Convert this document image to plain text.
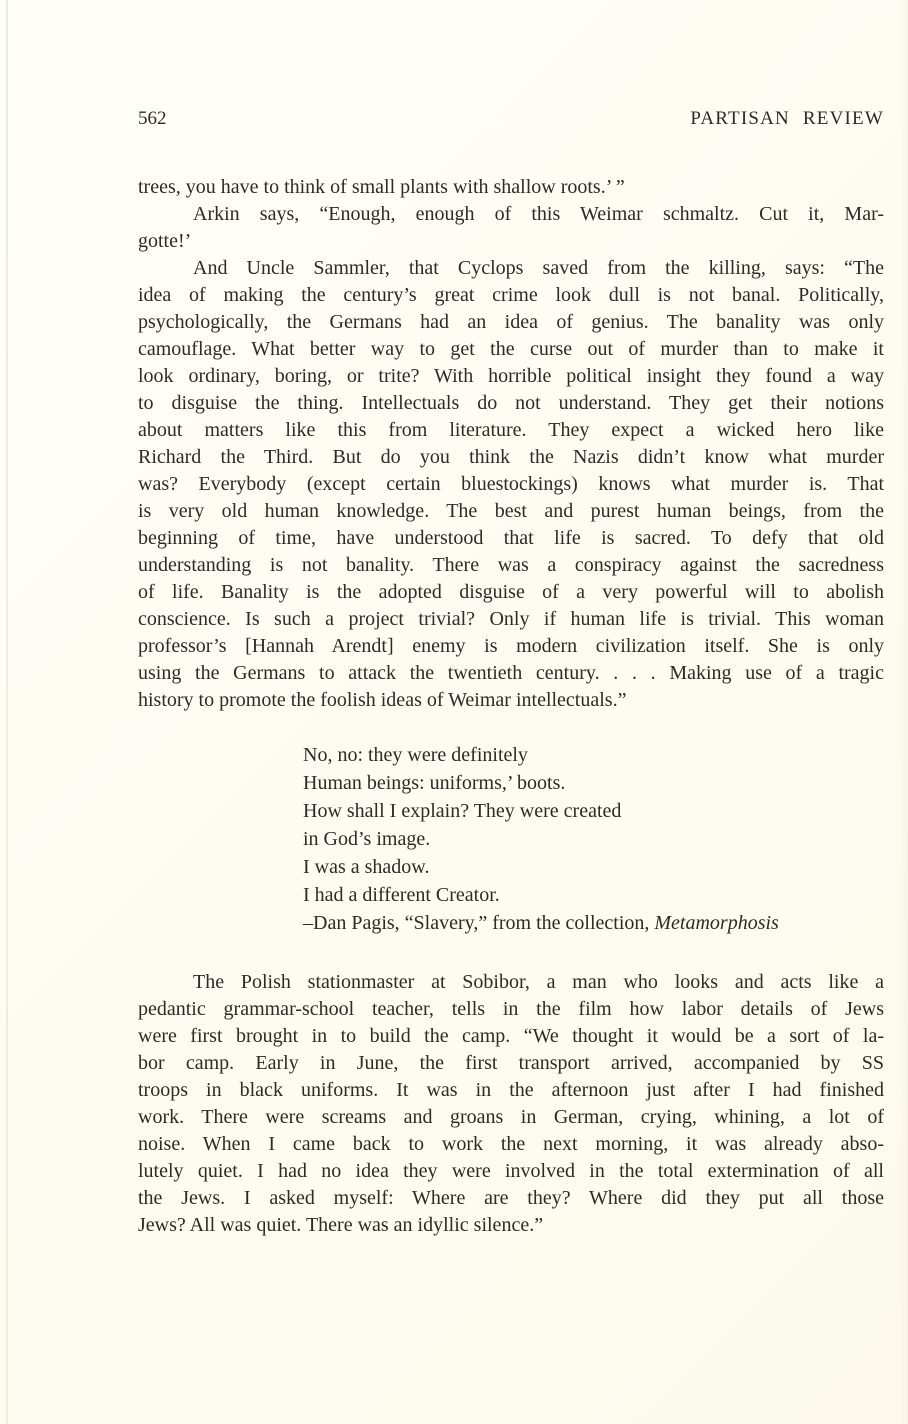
562	PARTISAN REVIEW
trees, you have to think of small plants with shallow roots.’ ”
Arkin says, “Enough, enough of this Weimar schmaltz. Cut it, Mar-
gotte!’
And Uncle Sammler, that Cyclops saved from the killing, says: “The
idea of making the century’s great crime look dull is not banal. Politically,
psychologically, the Germans had an idea of genius. The banality was only
camouflage. What better way to get the curse out of murder than to make it
look ordinary, boring, or trite? With horrible political insight they found a way
to disguise the thing. Intellectuals do not understand. They get their notions
about matters like this from literature. They expect a wicked hero like
Richard the Third. But do you think the Nazis didn’t know what murder
was? Everybody (except certain bluestockings) knows what murder is. That
is very old human knowledge. The best and purest human beings, from the
beginning of time, have understood that life is sacred. To defy that old
understanding is not banality. There was a conspiracy against the sacredness
of life. Banality is the adopted disguise of a very powerful will to abolish
conscience. Is such a project trivial? Only if human life is trivial. This woman
professor’s [Hannah Arendt] enemy is modern civilization itself. She is only
using the Germans to attack the twentieth century. . . . Making use of a tragic
history to promote the foolish ideas of Weimar intellectuals.”
No, no: they were definitely
Human beings: uniforms,’ boots.
How shall I explain? They were created
in God’s image.
I was a shadow.
I had a different Creator.
–Dan Pagis, “Slavery,” from the collection, Metamorphosis
The Polish stationmaster at Sobibor, a man who looks and acts like a
pedantic grammar-school teacher, tells in the film how labor details of Jews
were first brought in to build the camp. “We thought it would be a sort of la-
bor camp. Early in June, the first transport arrived, accompanied by SS
troops in black uniforms. It was in the afternoon just after I had finished
work. There were screams and groans in German, crying, whining, a lot of
noise. When I came back to work the next morning, it was already abso-
lutely quiet. I had no idea they were involved in the total extermination of all
the Jews. I asked myself: Where are they? Where did they put all those
Jews? All was quiet. There was an idyllic silence.”
